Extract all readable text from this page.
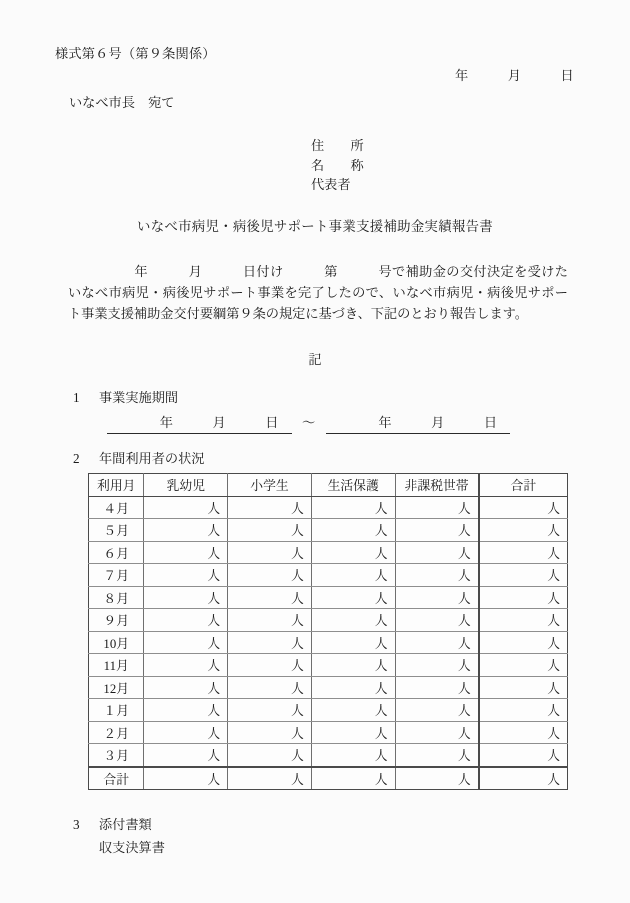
様式第６号（第９条関係）
年　　　月　　　日
いなべ市長　宛て
住　　所
名　　称
代表者
いなべ市病児・病後児サポート事業支援補助金実績報告書
年　　　月　　　日付け　　　第　　　号で補助金の交付決定を受けたいなべ市病児・病後児サポート事業を完了したので、いなべ市病児・病後児サポート事業支援補助金交付要綱第９条の規定に基づき、下記のとおり報告します。
記
1 事業実施期間
　　　　年　　　月　　　日　〜　　　　年　　　月　　　日　
2 年間利用者の状況
利用月	乳幼児	小学生	生活保護	非課税世帯	合計
４月	人	人	人	人	人
５月	人	人	人	人	人
６月	人	人	人	人	人
７月	人	人	人	人	人
８月	人	人	人	人	人
９月	人	人	人	人	人
10月	人	人	人	人	人
11月	人	人	人	人	人
12月	人	人	人	人	人
１月	人	人	人	人	人
２月	人	人	人	人	人
３月	人	人	人	人	人
合計	人	人	人	人	人
3 添付書類
収支決算書
